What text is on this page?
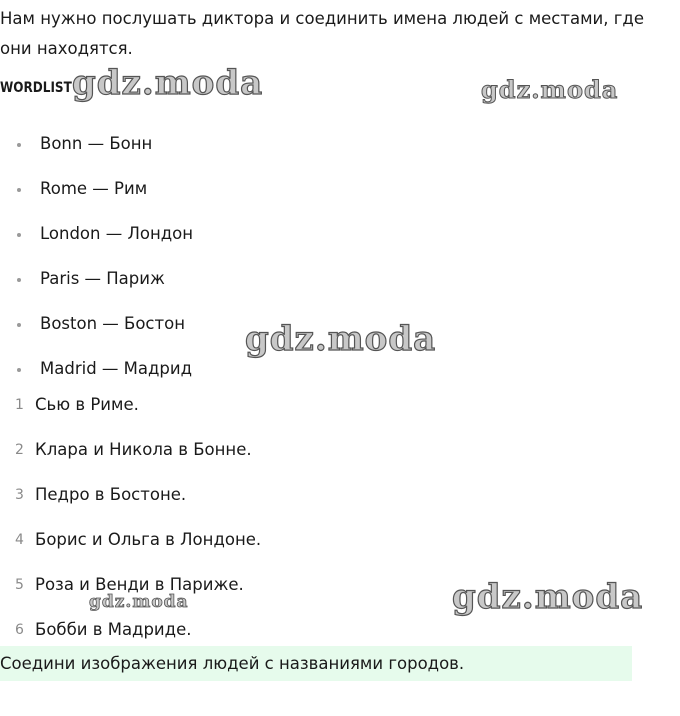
Нам нужно послушать диктора и соединить имена людей с местами, где они находятся.

WORDLIST

Bonn — Бонн
Rome — Рим
London — Лондон
Paris — Париж
Boston — Бостон
Madrid — Мадрид
1 Сью в Риме.
2 Клара и Никола в Бонне.
3 Педро в Бостоне.
4 Борис и Ольга в Лондоне.
5 Роза и Венди в Париже.
6 Бобби в Мадриде.

Соедини изображения людей с названиями городов.

gdz.moda	gdz.moda
gdz.moda
gdz.moda
gdz.moda
